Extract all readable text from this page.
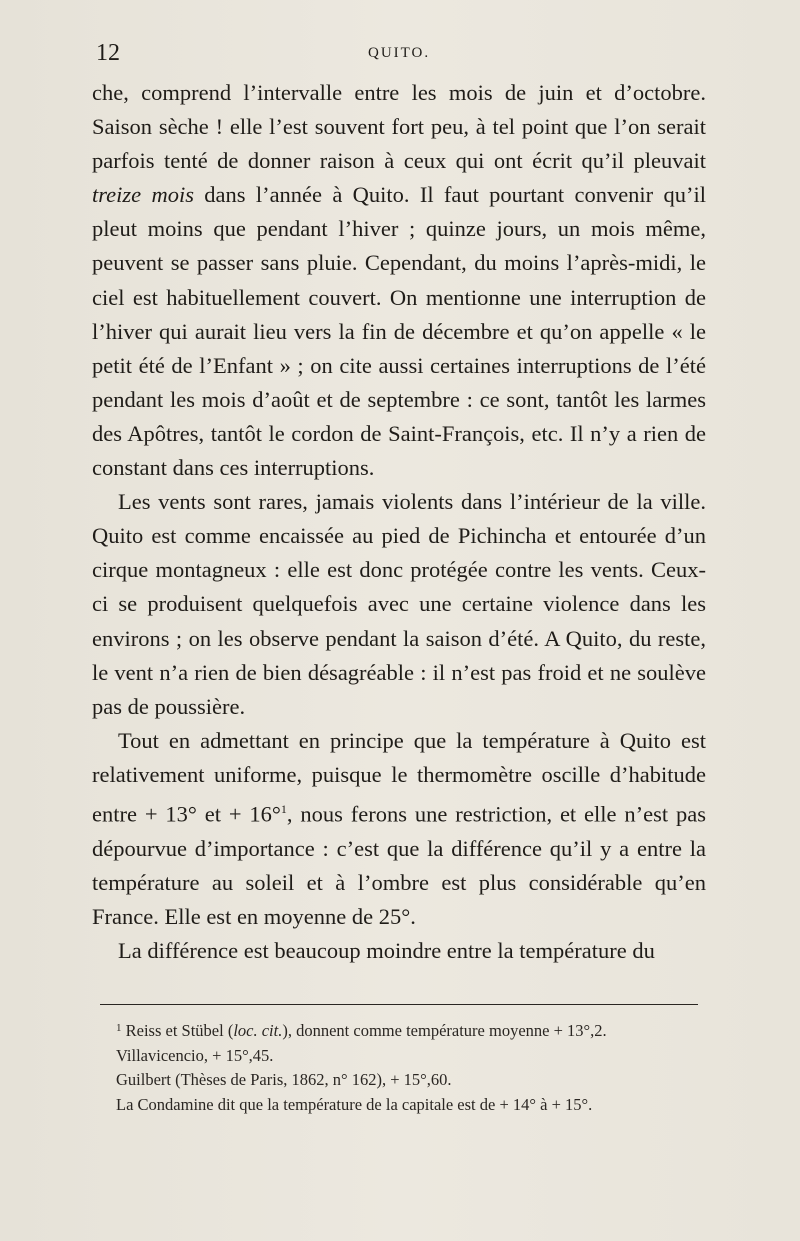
12	QUITO.

che, comprend l’intervalle entre les mois de juin et d’octobre. Saison sèche ! elle l’est souvent fort peu, à tel point que l’on serait parfois tenté de donner raison à ceux qui ont écrit qu’il pleuvait treize mois dans l’année à Quito. Il faut pourtant convenir qu’il pleut moins que pendant l’hiver ; quinze jours, un mois même, peuvent se passer sans pluie. Cependant, du moins l’après-midi, le ciel est habituellement couvert. On mentionne une interruption de l’hiver qui aurait lieu vers la fin de décembre et qu’on appelle « le petit été de l’Enfant » ; on cite aussi certaines interruptions de l’été pendant les mois d’août et de septembre : ce sont, tantôt les larmes des Apôtres, tantôt le cordon de Saint-François, etc. Il n’y a rien de constant dans ces interruptions.

Les vents sont rares, jamais violents dans l’intérieur de la ville. Quito est comme encaissée au pied de Pichincha et entourée d’un cirque montagneux : elle est donc protégée contre les vents. Ceux-ci se produisent quelquefois avec une certaine violence dans les environs ; on les observe pendant la saison d’été. A Quito, du reste, le vent n’a rien de bien désagréable : il n’est pas froid et ne soulève pas de poussière.

Tout en admettant en principe que la température à Quito est relativement uniforme, puisque le thermomètre oscille d’habitude entre + 13° et + 16°$^1$, nous ferons une restriction, et elle n’est pas dépourvue d’importance : c’est que la différence qu’il y a entre la température au soleil et à l’ombre est plus considérable qu’en France. Elle est en moyenne de 25°.

La différence est beaucoup moindre entre la température du

$^1$ Reiss et Stübel (loc. cit.), donnent comme température moyenne + 13°,2.

Villavicencio, + 15°,45.

Guilbert (Thèses de Paris, 1862, n° 162), + 15°,60.

La Condamine dit que la température de la capitale est de + 14° à + 15°.
